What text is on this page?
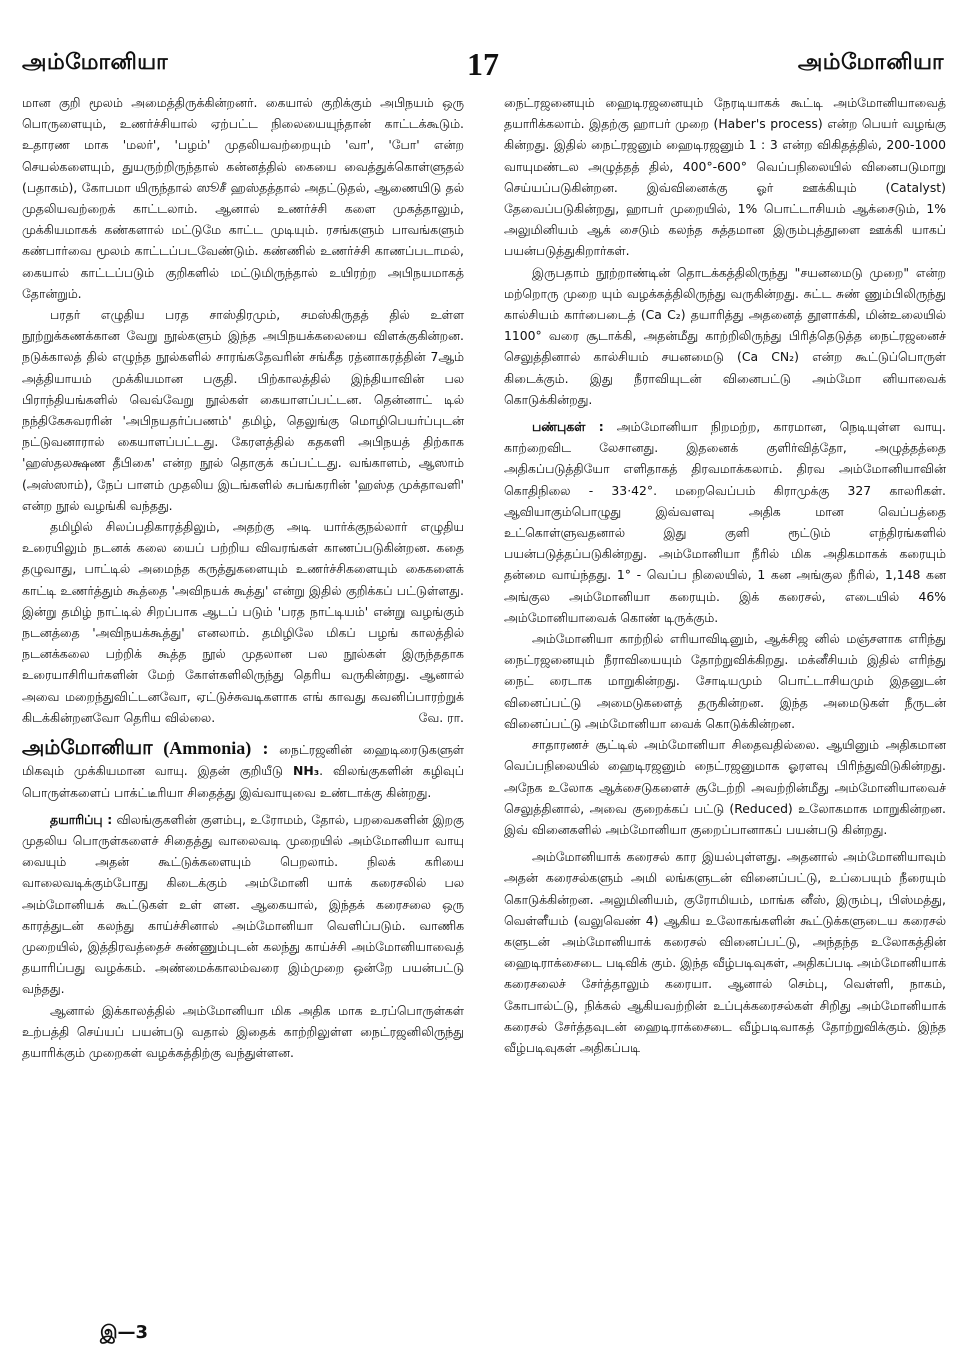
அம்மோனியா	17	அம்மோனியா

மான குறி மூலம் அமைத்திருக்கின்றனர். கையால் குறிக்கும் அபிநயம் ஒரு பொருளையும், உணர்ச்சியால் ஏற்பட்ட நிலையையுந்தான் காட்டக்கூடும். உதாரண மாக 'மலர்', 'பழம்' முதலியவற்றையும் 'வா', 'போ' என்ற செயல்களையும், துயருற்றிருந்தால் கன்னத்தில் கையை வைத்துக்கொள்ளுதல் (பதாகம்), கோபமா யிருந்தால் ஸூசீ ஹஸ்தத்தால் அதட்டுதல், ஆணையிடு தல் முதலியவற்றைக் காட்டலாம். ஆனால் உணர்ச்சி களை முகத்தாலும், முக்கியமாகக் கண்களால் மட்டுமே காட்ட முடியும். ரசங்களும் பாவங்களும் கண்பார்வை மூலம் காட்டப்படவேண்டும். கண்ணில் உணர்ச்சி காணப்படாமல், கையால் காட்டப்படும் குறிகளில் மட்டுமிருந்தால் உயிரற்ற அபிநயமாகத் தோன்றும்.

பரதர் எழுதிய பரத சாஸ்திரமும், சமஸ்கிருதத் தில் உள்ள நூற்றுக்கணக்கான வேறு நூல்களும் இந்த அபிநயக்கலையை விளக்குகின்றன. நடுக்காலத் தில் எழுந்த நூல்களில் சாரங்கதேவரின் சங்கீத ரத்னாகரத்தின் 7ஆம் அத்தியாயம் முக்கியமான பகுதி. பிற்காலத்தில் இந்தியாவின் பல பிராந்தியங்களில் வெவ்வேறு நூல்கள் கையாளப்பட்டன. தென்னாட் டில் நந்திகேசுவரரின் 'அபிநயதர்ப்பணம்' தமிழ், தெலுங்கு மொழிபெயர்ப்புடன் நட்டுவனாரால் கையாளப்பட்டது. கேரளத்தில் கதகளி அபிநயத் திற்காக 'ஹஸ்தலக்ஷண தீபிகை' என்ற நூல் தொகுக் கப்பட்டது. வங்காளம், ஆஸாம் (அஸ்ஸாம்), நேப் பாளம் முதலிய இடங்களில் சுபங்கரரின் 'ஹஸ்த முக்தாவளி' என்ற நூல் வழங்கி வந்தது.

தமிழில் சிலப்பதிகாரத்திலும், அதற்கு அடி யார்க்குநல்லார் எழுதிய உரையிலும் நடனக் கலை யைப் பற்றிய விவரங்கள் காணப்படுகின்றன. கதை தழுவாது, பாட்டில் அமைந்த கருத்துகளையும் உணர்ச்சிகளையும் கைகளைக் காட்டி உணர்த்தும் கூத்தை 'அவிநயக் கூத்து' என்று இதில் குறிக்கப் பட்டுள்ளது. இன்று தமிழ் நாட்டில் சிறப்பாக ஆடப் படும் 'பரத நாட்டியம்' என்று வழங்கும் நடனத்தை 'அவிநயக்கூத்து' எனலாம். தமிழிலே மிகப் பழங் காலத்தில் நடனக்கலை பற்றிக் கூத்த நூல் முதலான பல நூல்கள் இருந்ததாக உரையாசிரியர்களின் மேற் கோள்களிலிருந்து தெரிய வருகின்றது. ஆனால் அவை மறைந்துவிட்டனவோ, ஏட்டுச்சுவடிகளாக எங் காவது கவனிப்பாரற்றுக் கிடக்கின்றனவோ தெரிய வில்லை.	வே. ரா.

அம்மோனியா (Ammonia) : நைட்ரஜனின் ஹைடிரைடுகளுள் மிகவும் முக்கியமான வாயு. இதன் குறியீடு NH₃. விலங்குகளின் கழிவுப் பொருள்களைப் பாக்ட்டீரியா சிதைத்து இவ்வாயுவை உண்டாக்கு கின்றது.

தயாரிப்பு : விலங்குகளின் குளம்பு, உரோமம், தோல், பறவைகளின் இறகு முதலிய பொருள்களைச் சிதைத்து வாலைவடி முறையில் அம்மோனியா வாயு வையும் அதன் கூட்டுக்களையும் பெறலாம். நிலக் கரியை வாலைவடிக்கும்போது கிடைக்கும் அம்மோனி யாக் கரைசலில் பல அம்மோனியக் கூட்டுகள் உள் ளன. ஆகையால், இந்தக் கரைசலை ஒரு காரத்துடன் கலந்து காய்ச்சினால் அம்மோனியா வெளிப்படும். வாணிக முறையில், இத்திரவத்தைச் சுண்ணும்புடன் கலந்து காய்ச்சி அம்மோனியாவைத் தயாரிப்பது வழக்கம். அண்மைக்காலம்வரை இம்முறை ஒன்றே பயன்பட்டு வந்தது.

ஆனால் இக்காலத்தில் அம்மோனியா மிக அதிக மாக உரப்பொருள்கள் உற்பத்தி செய்யப் பயன்படு வதால் இதைக் காற்றிலுள்ள நைட்ரஜனிலிருந்து தயாரிக்கும் முறைகள் வழக்கத்திற்கு வந்துள்ளன.

நைட்ரஜனையும் ஹைடிரஜனையும் நேரடியாகக் கூட்டி அம்மோனியாவைத் தயாரிக்கலாம். இதற்கு ஹாபர் முறை (Haber's process) என்ற பெயர் வழங்கு கின்றது. இதில் நைட்ரஜனும் ஹைடிரஜனும் 1 : 3 என்ற விகிதத்தில், 200-1000 வாயுமண்டல அழுத்தத் தில், 400°-600° வெப்பநிலையில் வினைபடுமாறு செய்யப்படுகின்றன. இவ்வினைக்கு ஓர் ஊக்கியும் (Catalyst) தேவைப்படுகின்றது, ஹாபர் முறையில், 1% பொட்டாசியம் ஆக்சைடும், 1% அலுமினியம் ஆக் சைடும் கலந்த சுத்தமான இரும்புத்தூளை ஊக்கி யாகப் பயன்படுத்துகிறார்கள்.

இருபதாம் நூற்றாண்டின் தொடக்கத்திலிருந்து "சயனமைடு முறை" என்ற மற்றொரு முறை யும் வழக்கத்திலிருந்து வருகின்றது. சுட்ட சுண் ணும்பிலிருந்து கால்சியம் கார்பைடைத் (Ca C₂) தயாரித்து அதனைத் தூளாக்கி, மின்உலையில் 1100° வரை சூடாக்கி, அதன்மீது காற்றிலிருந்து பிரித்தெடுத்த நைட்ரஜனைச் செலுத்தினால் கால்சியம் சயனமைடு (Ca CN₂) என்ற கூட்டுப்பொருள் கிடைக்கும். இது நீராவியுடன் வினைபட்டு அம்மோ னியாவைக் கொடுக்கின்றது.

பண்புகள் : அம்மோனியா நிறமற்ற, காரமான, நெடியுள்ள வாயு. காற்றைவிட லேசானது. இதனைக் குளிர்வித்தோ, அழுத்தத்தை அதிகப்படுத்தியோ எளிதாகத் திரவமாக்கலாம். திரவ அம்மோனியாவின் கொதிநிலை - 33·42°. மறைவெப்பம் கிராமுக்கு 327 காலரிகள். ஆவியாகும்பொழுது இவ்வளவு அதிக மான வெப்பத்தை உட்கொள்ளுவதனால் இது குளி ரூட்டும் எந்திரங்களில் பயன்படுத்தப்படுகின்றது. அம்மோனியா நீரில் மிக அதிகமாகக் கரையும் தன்மை வாய்ந்தது. 1° - வெப்ப நிலையில், 1 கன அங்குல நீரில், 1,148 கன அங்குல அம்மோனியா கரையும். இக் கரைசல், எடையில் 46% அம்மோனியாவைக் கொண் டிருக்கும்.

அம்மோனியா காற்றில் எரியாவிடினும், ஆக்சிஜ னில் மஞ்சளாக எரிந்து நைட்ரஜனையும் நீராவியையும் தோற்றுவிக்கிறது. மக்னீசியம் இதில் எரிந்து நைட் ரைடாக மாறுகின்றது. சோடியமும் பொட்டாசியமும் இதனுடன் வினைப்பட்டு அமைடுகளைத் தருகின்றன. இந்த அமைடுகள் நீருடன் வினைப்பட்டு அம்மோனியா வைக் கொடுக்கின்றன.

சாதாரணச் சூட்டில் அம்மோனியா சிதைவதில்லை. ஆயினும் அதிகமான வெப்பநிலையில் ஹைடிரஜனும் நைட்ரஜனுமாக ஓரளவு பிரிந்துவிடுகின்றது. அநேக உலோக ஆக்சைடுகளைச் சூடேற்றி அவற்றின்மீது அம்மோனியாவைச் செலுத்தினால், அவை குறைக்கப் பட்டு (Reduced) உலோகமாக மாறுகின்றன. இவ் வினைகளில் அம்மோனியா குறைப்பானாகப் பயன்படு கின்றது.

அம்மோனியாக் கரைசல் கார இயல்புள்ளது. அதனால் அம்மோனியாவும் அதன் கரைசல்களும் அமி லங்களுடன் வினைப்பட்டு, உப்பையும் நீரையும் கொடுக்கின்றன. அலுமினியம், குரோமியம், மாங்க னீஸ், இரும்பு, பிஸ்மத்து, வெள்ளீயம் (வலுவெண் 4) ஆகிய உலோகங்களின் கூட்டுக்களுடைய கரைசல் களுடன் அம்மோனியாக் கரைசல் வினைப்பட்டு, அந்தந்த உலோகத்தின் ஹைடிராக்சைடை படிவிக் கும். இந்த வீழ்படிவுகள், அதிகப்படி அம்மோனியாக் கரைசலைச் சேர்த்தாலும் கரையா. ஆனால் செம்பு, வெள்ளி, நாகம், கோபால்ட்டு, நிக்கல் ஆகியவற்றின் உப்புக்கரைசல்கள் சிறிது அம்மோனியாக் கரைசல் சேர்த்தவுடன் ஹைடிராக்சைடை வீழ்படிவாகத் தோற்றுவிக்கும். இந்த வீழ்படிவுகள் அதிகப்படி

இ—3
